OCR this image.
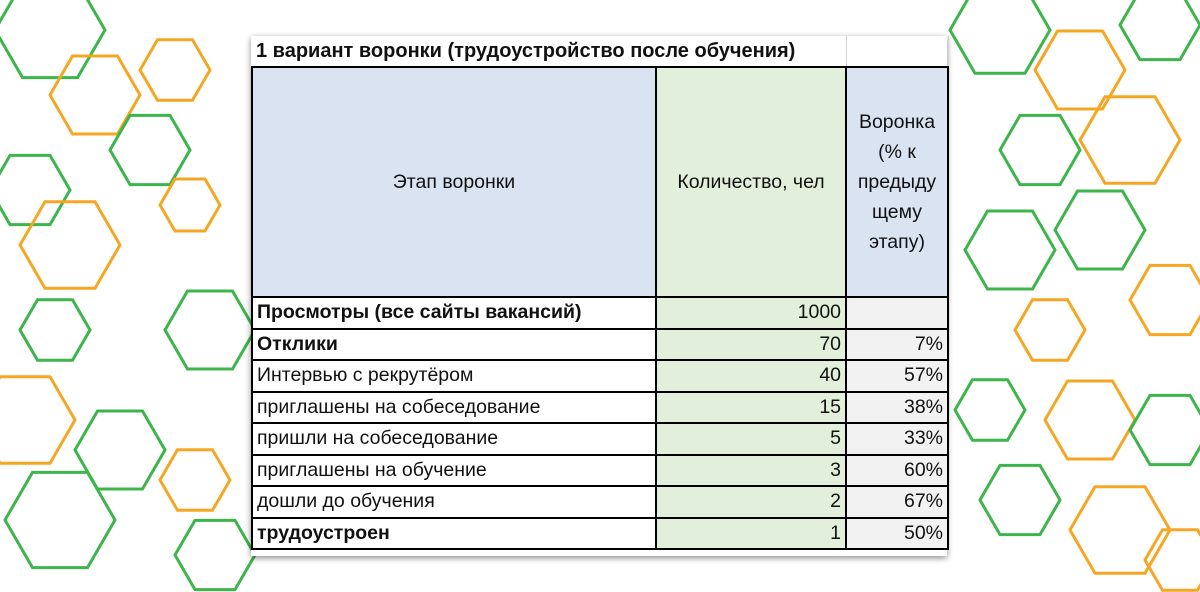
1 вариант воронки (трудоустройство после обучения)		
Этап воронки	Количество, чел	Воронка (% к предыду щему этапу)
Просмотры (все сайты вакансий)	1000	
Отклики	70	7%
Интервью с рекрутёром	40	57%
приглашены на собеседование	15	38%
пришли на собеседование	5	33%
приглашены на обучение	3	60%
дошли до обучения	2	67%
трудоустроен	1	50%
